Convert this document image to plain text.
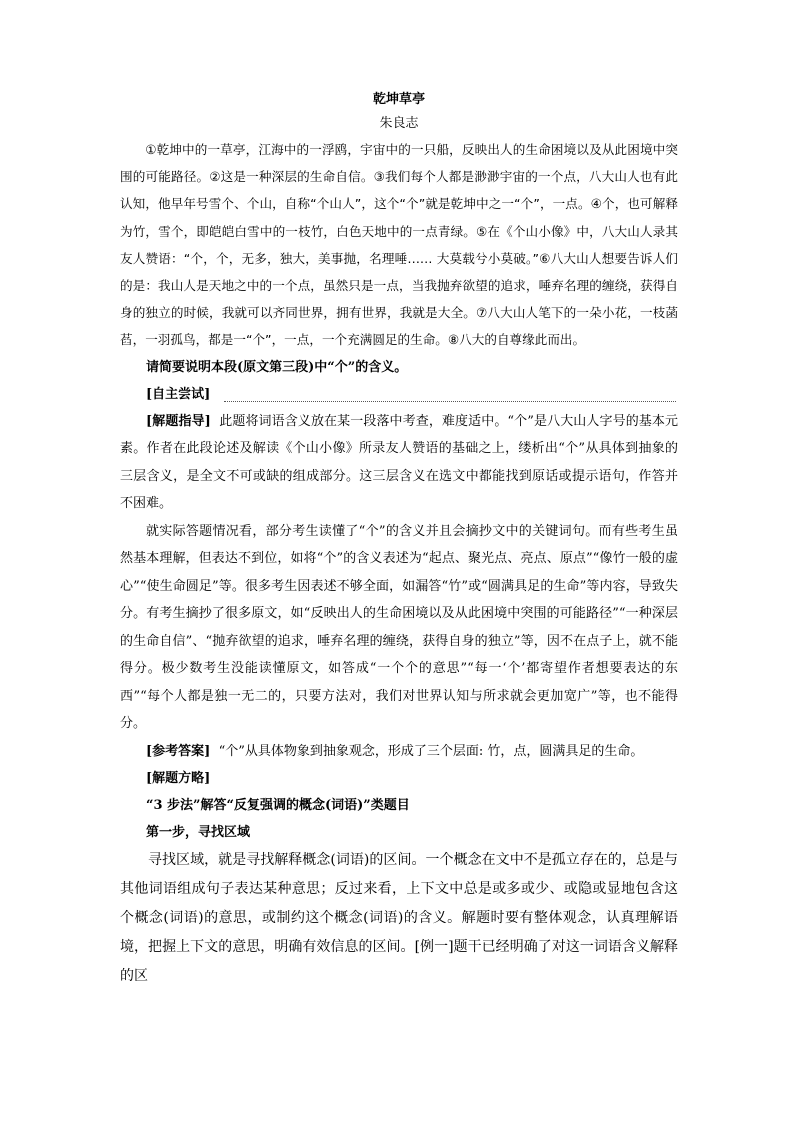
乾坤草亭
朱良志

①乾坤中的一草亭，江海中的一浮鸥，宇宙中的一只船，反映出人的生命困境以及从此困境中突围的可能路径。②这是一种深层的生命自信。③我们每个人都是渺渺宇宙的一个点，八大山人也有此认知，他早年号雪个、个山，自称“个山人”，这个“个”就是乾坤中之一“个”，一点。④个，也可解释为竹，雪个，即皑皑白雪中的一枝竹，白色天地中的一点青绿。⑤在《个山小像》中，八大山人录其友人赞语：“个，个，无多，独大，美事抛，名理唾…… 大莫载兮小莫破。”⑥八大山人想要告诉人们的是：我山人是天地之中的一个点，虽然只是一点，当我抛弃欲望的追求，唾弃名理的缠绕，获得自身的独立的时候，我就可以齐同世界，拥有世界，我就是大全。⑦八大山人笔下的一朵小花，一枝菡萏，一羽孤鸟，都是一“个”，一点，一个充满圆足的生命。⑧八大的自尊缘此而出。

请简要说明本段(原文第三段)中“个”的含义。

[自主尝试]

[解题指导] 此题将词语含义放在某一段落中考查，难度适中。“个”是八大山人字号的基本元素。作者在此段论述及解读《个山小像》所录友人赞语的基础之上，缕析出“个”从具体到抽象的三层含义，是全文不可或缺的组成部分。这三层含义在选文中都能找到原话或提示语句，作答并不困难。

就实际答题情况看，部分考生读懂了“个”的含义并且会摘抄文中的关键词句。而有些考生虽然基本理解，但表达不到位，如将“个”的含义表述为“起点、聚光点、亮点、原点”“像竹一般的虚心”“使生命圆足”等。很多考生因表述不够全面，如漏答“竹”或“圆满具足的生命”等内容，导致失分。有考生摘抄了很多原文，如“反映出人的生命困境以及从此困境中突围的可能路径”“一种深层的生命自信”、“抛弃欲望的追求，唾弃名理的缠绕，获得自身的独立”等，因不在点子上，就不能得分。极少数考生没能读懂原文，如答成“一个个的意思”“每一‘个’都寄望作者想要表达的东西”“每个人都是独一无二的，只要方法对，我们对世界认知与所求就会更加宽广”等，也不能得分。

[参考答案] “个”从具体物象到抽象观念，形成了三个层面: 竹，点，圆满具足的生命。

[解题方略]

“3 步法”解答“反复强调的概念(词语)”类题目

第一步，寻找区域

寻找区域，就是寻找解释概念(词语)的区间。一个概念在文中不是孤立存在的，总是与其他词语组成句子表达某种意思；反过来看，上下文中总是或多或少、或隐或显地包含这个概念(词语)的意思，或制约这个概念(词语)的含义。解题时要有整体观念，认真理解语境，把握上下文的意思，明确有效信息的区间。[例一]题干已经明确了对这一词语含义解释的区
